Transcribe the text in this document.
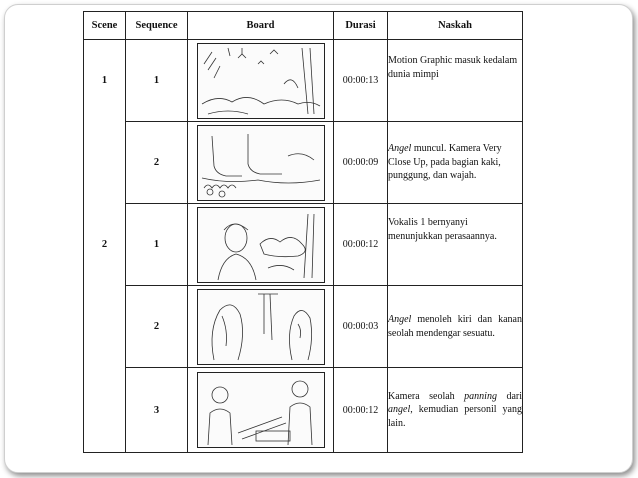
Scene	Sequence	Board	Durasi	Naskah
1	1		00:00:13	Motion Graphic masuk kedalam dunia mimpi
	2		00:00:09	Angel muncul. Kamera Very Close Up, pada bagian kaki, punggung, dan wajah.
2	1		00:00:12	Vokalis 1 bernyanyi menunjukkan perasaannya.
	2		00:00:03	Angel menoleh kiri dan kanan seolah mendengar sesuatu.
	3		00:00:12	Kamera seolah panning dari angel, kemudian personil yang lain.
